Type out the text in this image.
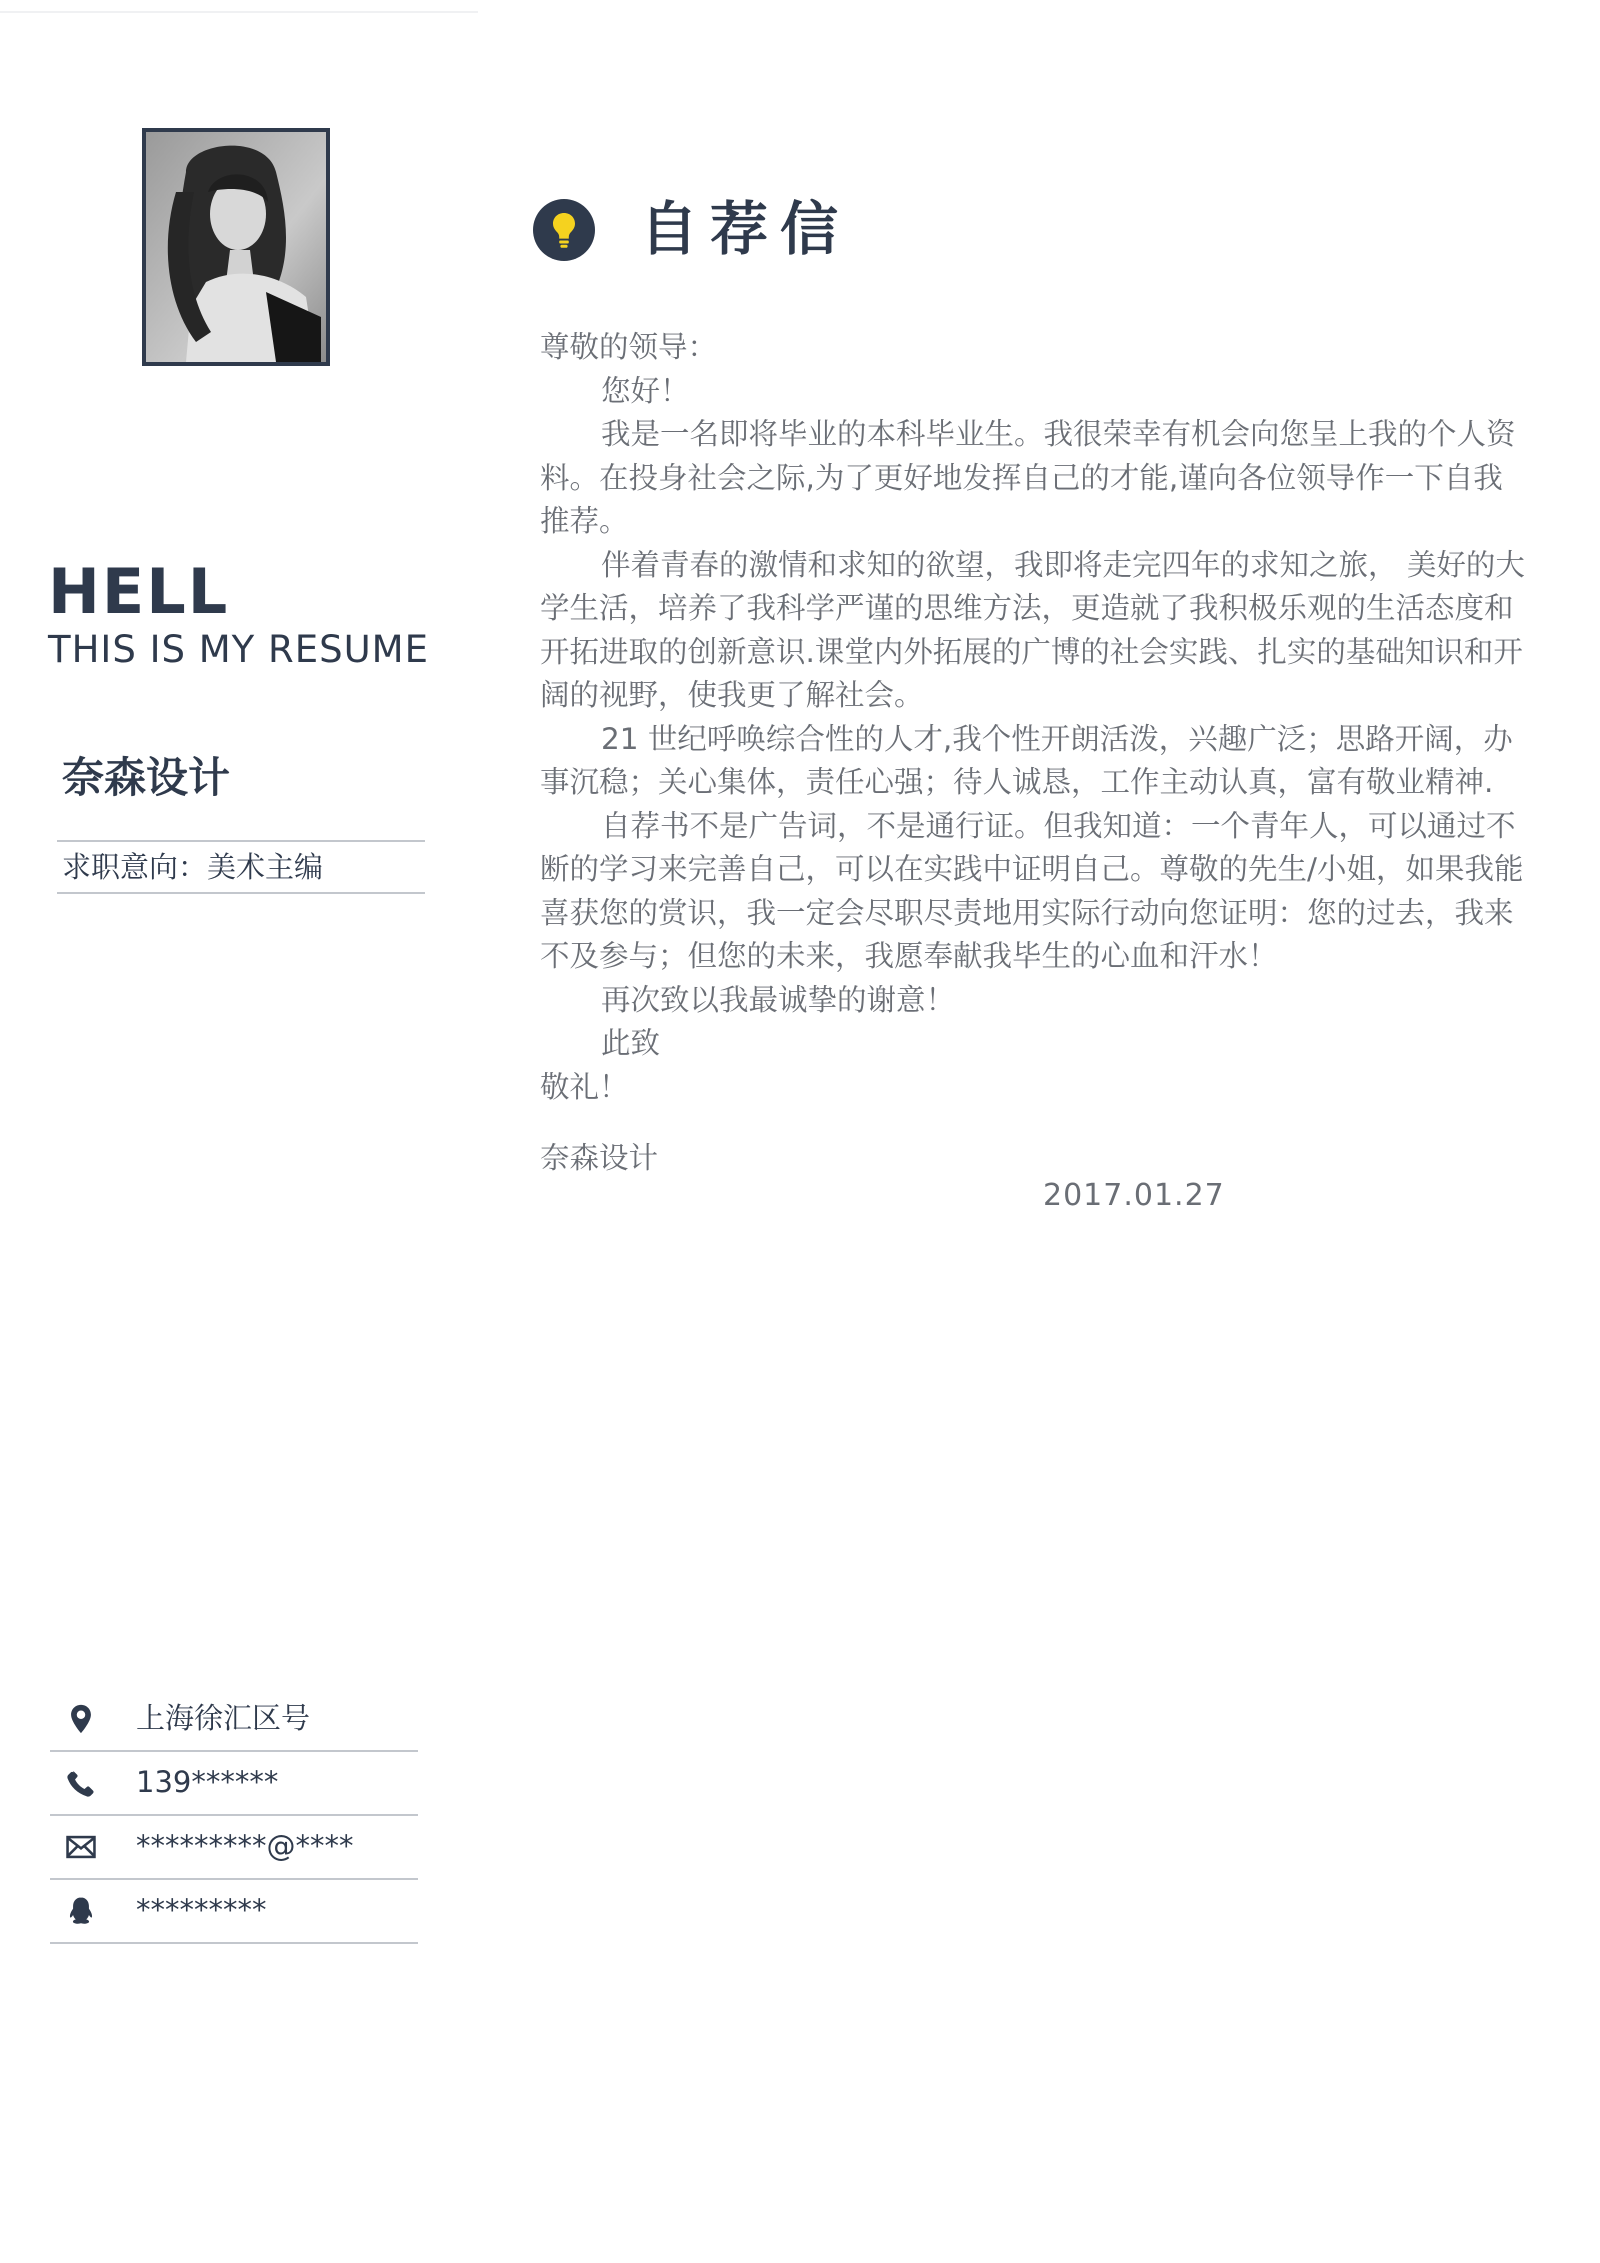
HELL
THIS IS MY RESUME
奈森设计
求职意向：美术主编
上海徐汇区号
139******
*********@****
*********
自荐信

尊敬的领导：

您好！

我是一名即将毕业的本科毕业生。我很荣幸有机会向您呈上我的个人资料。在投身社会之际,为了更好地发挥自己的才能,谨向各位领导作一下自我推荐。

伴着青春的激情和求知的欲望，我即将走完四年的求知之旅， 美好的大学生活，培养了我科学严谨的思维方法，更造就了我积极乐观的生活态度和开拓进取的创新意识.课堂内外拓展的广博的社会实践、扎实的基础知识和开阔的视野，使我更了解社会。

21 世纪呼唤综合性的人才,我个性开朗活泼，兴趣广泛；思路开阔，办事沉稳；关心集体，责任心强；待人诚恳，工作主动认真，富有敬业精神.

自荐书不是广告词，不是通行证。但我知道：一个青年人，可以通过不断的学习来完善自己，可以在实践中证明自己。尊敬的先生/小姐，如果我能喜获您的赏识，我一定会尽职尽责地用实际行动向您证明：您的过去，我来不及参与；但您的未来，我愿奉献我毕生的心血和汗水！

再次致以我最诚挚的谢意！

此致

敬礼！

奈森设计
2017.01.27
